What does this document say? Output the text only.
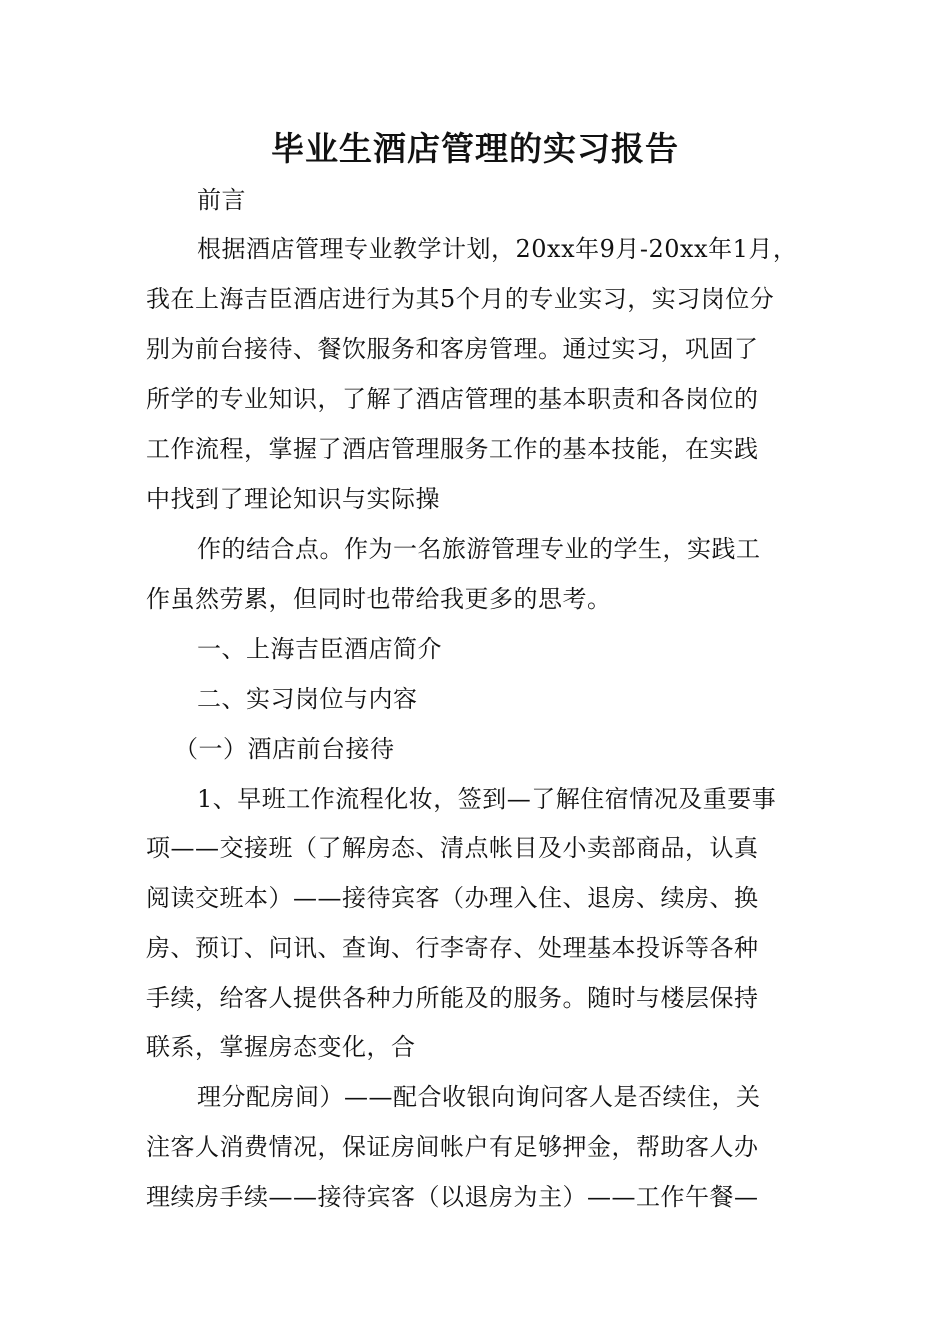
毕业生酒店管理的实习报告
前言
根据酒店管理专业教学计划，20xx年9月-20xx年1月，
我在上海吉臣酒店进行为其5个月的专业实习，实习岗位分
别为前台接待、餐饮服务和客房管理。通过实习，巩固了
所学的专业知识，了解了酒店管理的基本职责和各岗位的
工作流程，掌握了酒店管理服务工作的基本技能，在实践
中找到了理论知识与实际操
作的结合点。作为一名旅游管理专业的学生，实践工
作虽然劳累，但同时也带给我更多的思考。
一、上海吉臣酒店简介
二、实习岗位与内容
（一）酒店前台接待
1、早班工作流程化妆，签到—了解住宿情况及重要事
项——交接班（了解房态、清点帐目及小卖部商品，认真
阅读交班本）——接待宾客（办理入住、退房、续房、换
房、预订、问讯、查询、行李寄存、处理基本投诉等各种
手续，给客人提供各种力所能及的服务。随时与楼层保持
联系，掌握房态变化，合
理分配房间）——配合收银向询问客人是否续住，关
注客人消费情况，保证房间帐户有足够押金，帮助客人办
理续房手续——接待宾客（以退房为主）——工作午餐—
